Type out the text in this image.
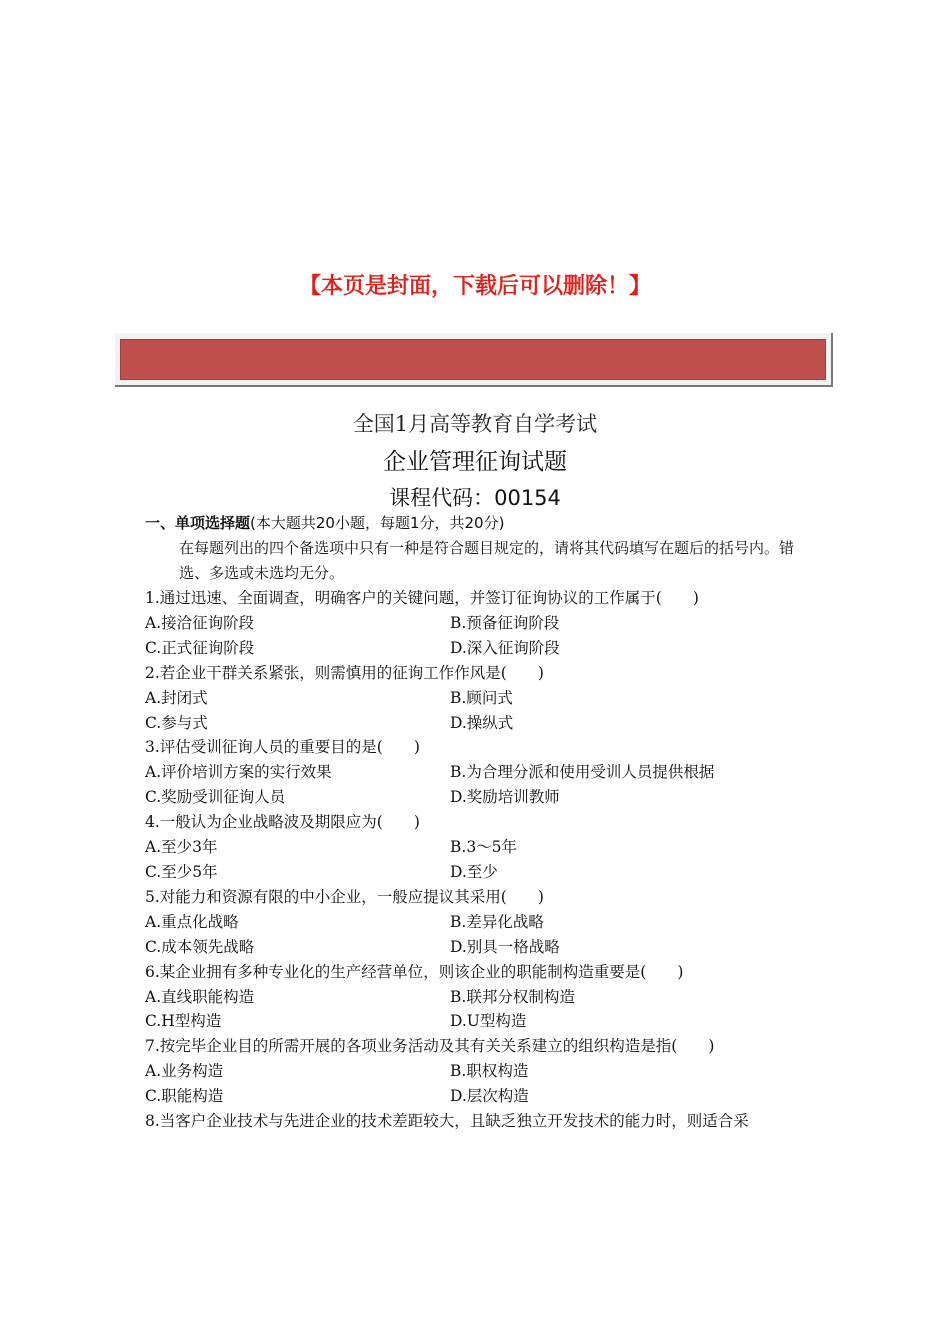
【本页是封面，下载后可以删除！】
全国1月高等教育自学考试
企业管理征询试题
课程代码：00154
一、单项选择题(本大题共20小题，每题1分，共20分)
在每题列出的四个备选项中只有一种是符合题目规定的，请将其代码填写在题后的括号内。错选、多选或未选均无分。
1.通过迅速、全面调查，明确客户的关键问题，并签订征询协议的工作属于(　　)
A.接洽征询阶段	B.预备征询阶段
C.正式征询阶段	D.深入征询阶段
2.若企业干群关系紧张，则需慎用的征询工作作风是(　　)
A.封闭式	B.顾问式
C.参与式	D.操纵式
3.评估受训征询人员的重要目的是(　　)
A.评价培训方案的实行效果	B.为合理分派和使用受训人员提供根据
C.奖励受训征询人员	D.奖励培训教师
4.一般认为企业战略波及期限应为(　　)
A.至少3年	B.3～5年
C.至少5年	D.至少
5.对能力和资源有限的中小企业，一般应提议其采用(　　)
A.重点化战略	B.差异化战略
C.成本领先战略	D.别具一格战略
6.某企业拥有多种专业化的生产经营单位，则该企业的职能制构造重要是(　　)
A.直线职能构造	B.联邦分权制构造
C.H型构造	D.U型构造
7.按完毕企业目的所需开展的各项业务活动及其有关关系建立的组织构造是指(　　)
A.业务构造	B.职权构造
C.职能构造	D.层次构造
8.当客户企业技术与先进企业的技术差距较大，且缺乏独立开发技术的能力时，则适合采
